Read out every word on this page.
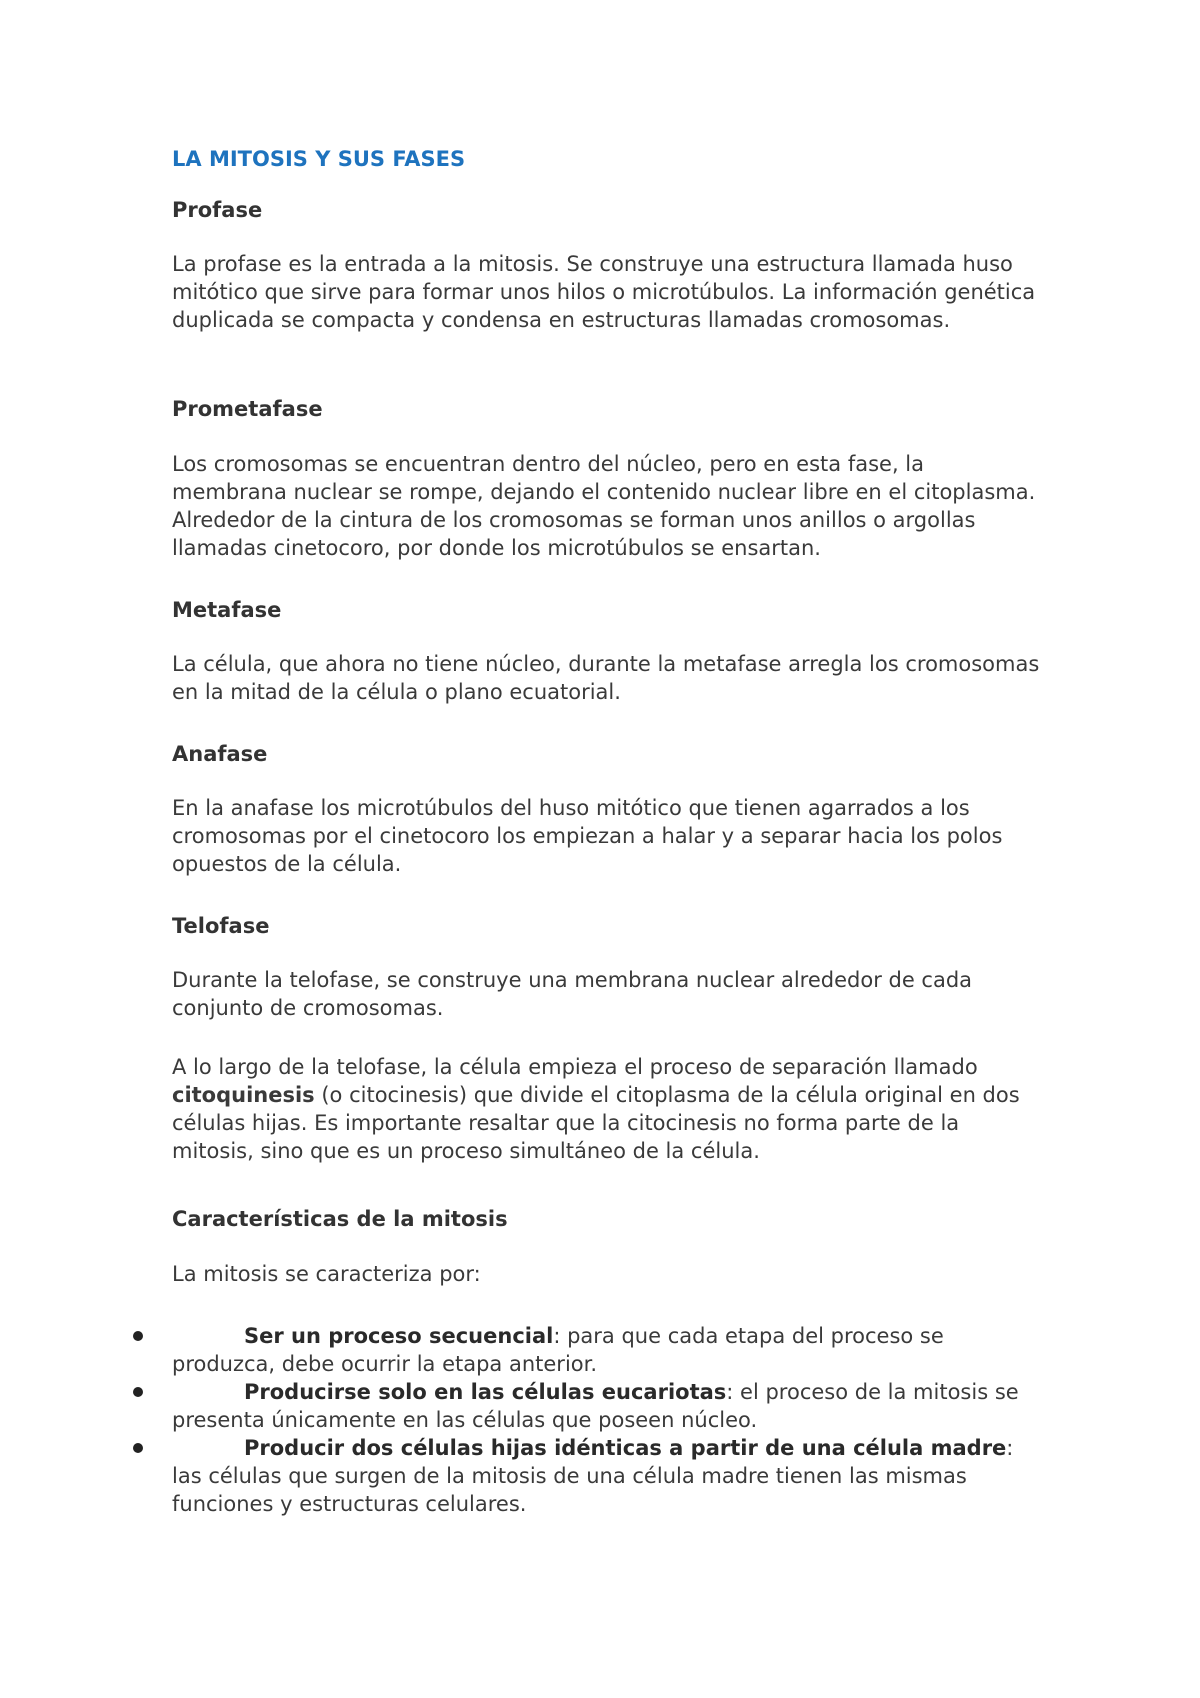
LA MITOSIS Y SUS FASES
Profase

La profase es la entrada a la mitosis. Se construye una estructura llamada huso mitótico que sirve para formar unos hilos o microtúbulos. La información genética duplicada se compacta y condensa en estructuras llamadas cromosomas.

Prometafase

Los cromosomas se encuentran dentro del núcleo, pero en esta fase, la membrana nuclear se rompe, dejando el contenido nuclear libre en el citoplasma. Alrededor de la cintura de los cromosomas se forman unos anillos o argollas llamadas cinetocoro, por donde los microtúbulos se ensartan.

Metafase

La célula, que ahora no tiene núcleo, durante la metafase arregla los cromosomas en la mitad de la célula o plano ecuatorial.

Anafase

En la anafase los microtúbulos del huso mitótico que tienen agarrados a los cromosomas por el cinetocoro los empiezan a halar y a separar hacia los polos opuestos de la célula.

Telofase

Durante la telofase, se construye una membrana nuclear alrededor de cada conjunto de cromosomas.

A lo largo de la telofase, la célula empieza el proceso de separación llamado citoquinesis (o citocinesis) que divide el citoplasma de la célula original en dos células hijas. Es importante resaltar que la citocinesis no forma parte de la mitosis, sino que es un proceso simultáneo de la célula.

Características de la mitosis

La mitosis se caracteriza por:

Ser un proceso secuencial: para que cada etapa del proceso se produzca, debe ocurrir la etapa anterior.
Producirse solo en las células eucariotas: el proceso de la mitosis se presenta únicamente en las células que poseen núcleo.
Producir dos células hijas idénticas a partir de una célula madre: las células que surgen de la mitosis de una célula madre tienen las mismas funciones y estructuras celulares.
